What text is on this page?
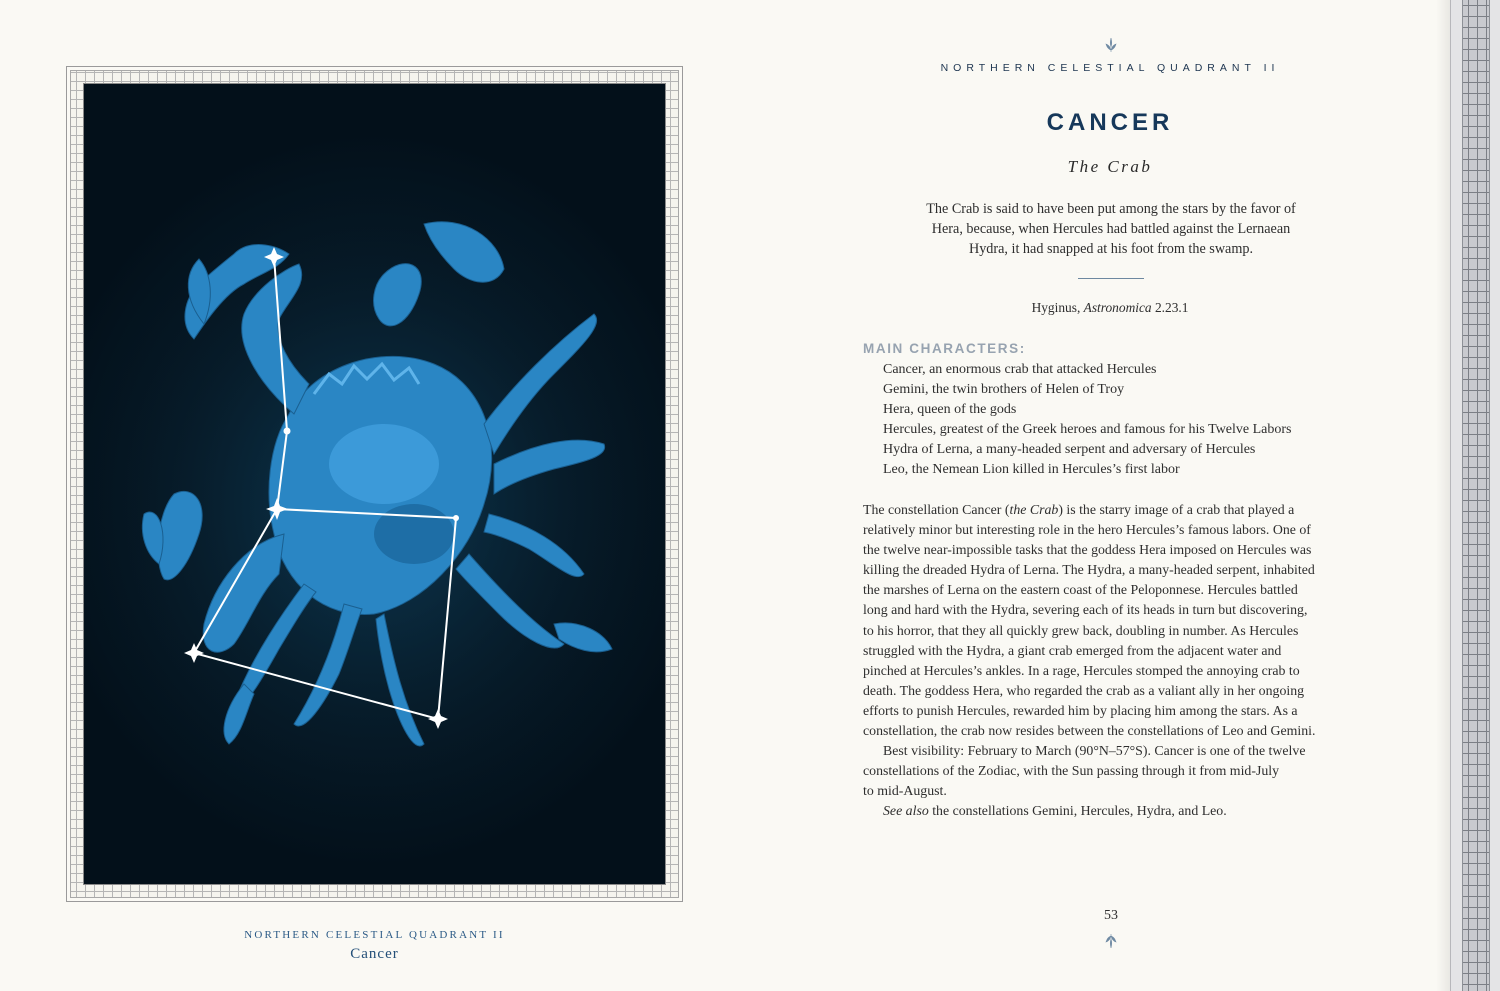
NORTHERN CELESTIAL QUADRANT II
Cancer
NORTHERN CELESTIAL QUADRANT II
CANCER
The Crab
The Crab is said to have been put among the stars by the favor of
Hera, because, when Hercules had battled against the Lernaean
Hydra, it had snapped at his foot from the swamp.
Hyginus, Astronomica 2.23.1
MAIN CHARACTERS:
Cancer, an enormous crab that attacked Hercules
Gemini, the twin brothers of Helen of Troy
Hera, queen of the gods
Hercules, greatest of the Greek heroes and famous for his Twelve Labors
Hydra of Lerna, a many-headed serpent and adversary of Hercules
Leo, the Nemean Lion killed in Hercules’s first labor
The constellation Cancer (the Crab) is the starry image of a crab that played a
relatively minor but interesting role in the hero Hercules’s famous labors. One of
the twelve near-impossible tasks that the goddess Hera imposed on Hercules was
killing the dreaded Hydra of Lerna. The Hydra, a many-headed serpent, inhabited
the marshes of Lerna on the eastern coast of the Peloponnese. Hercules battled
long and hard with the Hydra, severing each of its heads in turn but discovering,
to his horror, that they all quickly grew back, doubling in number. As Hercules
struggled with the Hydra, a giant crab emerged from the adjacent water and
pinched at Hercules’s ankles. In a rage, Hercules stomped the annoying crab to
death. The goddess Hera, who regarded the crab as a valiant ally in her ongoing
efforts to punish Hercules, rewarded him by placing him among the stars. As a
constellation, the crab now resides between the constellations of Leo and Gemini.
Best visibility: February to March (90°N–57°S). Cancer is one of the twelve
constellations of the Zodiac, with the Sun passing through it from mid-July
to mid-August.
See also the constellations Gemini, Hercules, Hydra, and Leo.
53
